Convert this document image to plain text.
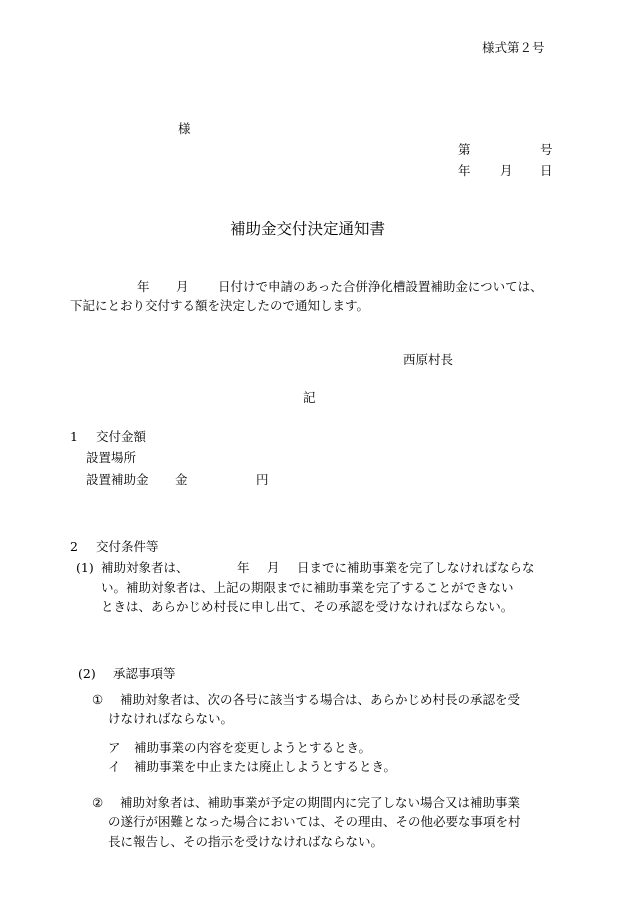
様式第２号
様
第	号
年 月 日
補助金交付決定通知書
年 月 日付けで申請のあった合併浄化槽設置補助金については、
下記にとおり交付する額を決定したので通知します。
西原村長
記
1 交付金額
設置場所
設置補助金 金	円
2 交付条件等
(1) 補助対象者は、	年 月 日までに補助事業を完了しなければならな
い。補助対象者は、上記の期限までに補助事業を完了することができない
ときは、あらかじめ村長に申し出て、その承認を受けなければならない。
(2) 承認事項等
① 補助対象者は、次の各号に該当する場合は、あらかじめ村長の承認を受
けなければならない。
ア 補助事業の内容を変更しようとするとき。
イ 補助事業を中止または廃止しようとするとき。
② 補助対象者は、補助事業が予定の期間内に完了しない場合又は補助事業
の遂行が困難となった場合においては、その理由、その他必要な事項を村
長に報告し、その指示を受けなければならない。
